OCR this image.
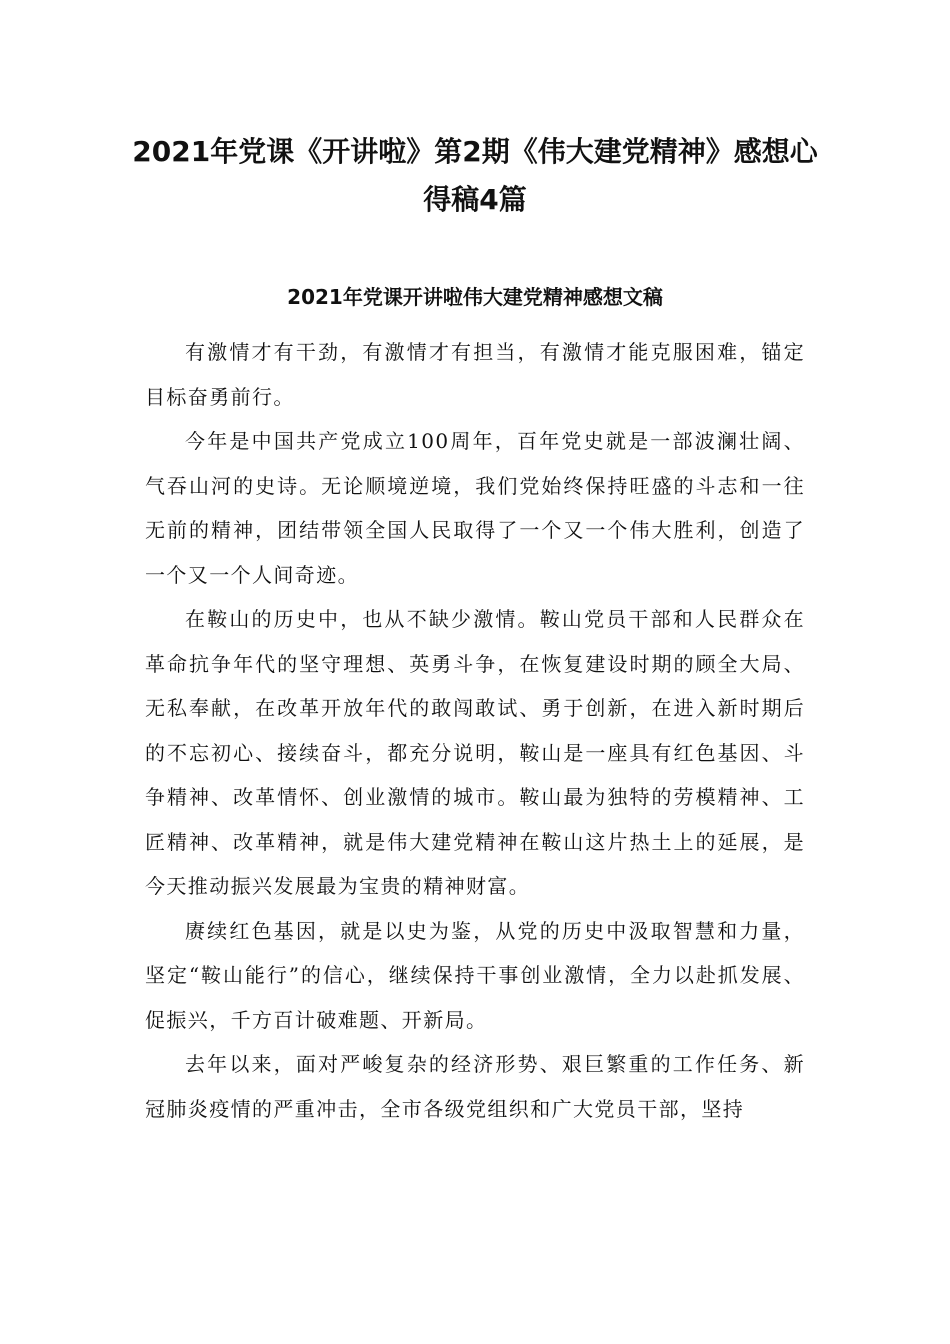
2021年党课《开讲啦》第2期《伟大建党精神》感想心得稿4篇
2021年党课开讲啦伟大建党精神感想文稿

有激情才有干劲，有激情才有担当，有激情才能克服困难，锚定目标奋勇前行。

今年是中国共产党成立100周年，百年党史就是一部波澜壮阔、气吞山河的史诗。无论顺境逆境，我们党始终保持旺盛的斗志和一往无前的精神，团结带领全国人民取得了一个又一个伟大胜利，创造了一个又一个人间奇迹。

在鞍山的历史中，也从不缺少激情。鞍山党员干部和人民群众在革命抗争年代的坚守理想、英勇斗争，在恢复建设时期的顾全大局、无私奉献，在改革开放年代的敢闯敢试、勇于创新，在进入新时期后的不忘初心、接续奋斗，都充分说明，鞍山是一座具有红色基因、斗争精神、改革情怀、创业激情的城市。鞍山最为独特的劳模精神、工匠精神、改革精神，就是伟大建党精神在鞍山这片热土上的延展，是今天推动振兴发展最为宝贵的精神财富。

赓续红色基因，就是以史为鉴，从党的历史中汲取智慧和力量，坚定“鞍山能行”的信心，继续保持干事创业激情，全力以赴抓发展、促振兴，千方百计破难题、开新局。

去年以来，面对严峻复杂的经济形势、艰巨繁重的工作任务、新冠肺炎疫情的严重冲击，全市各级党组织和广大党员干部，坚持
